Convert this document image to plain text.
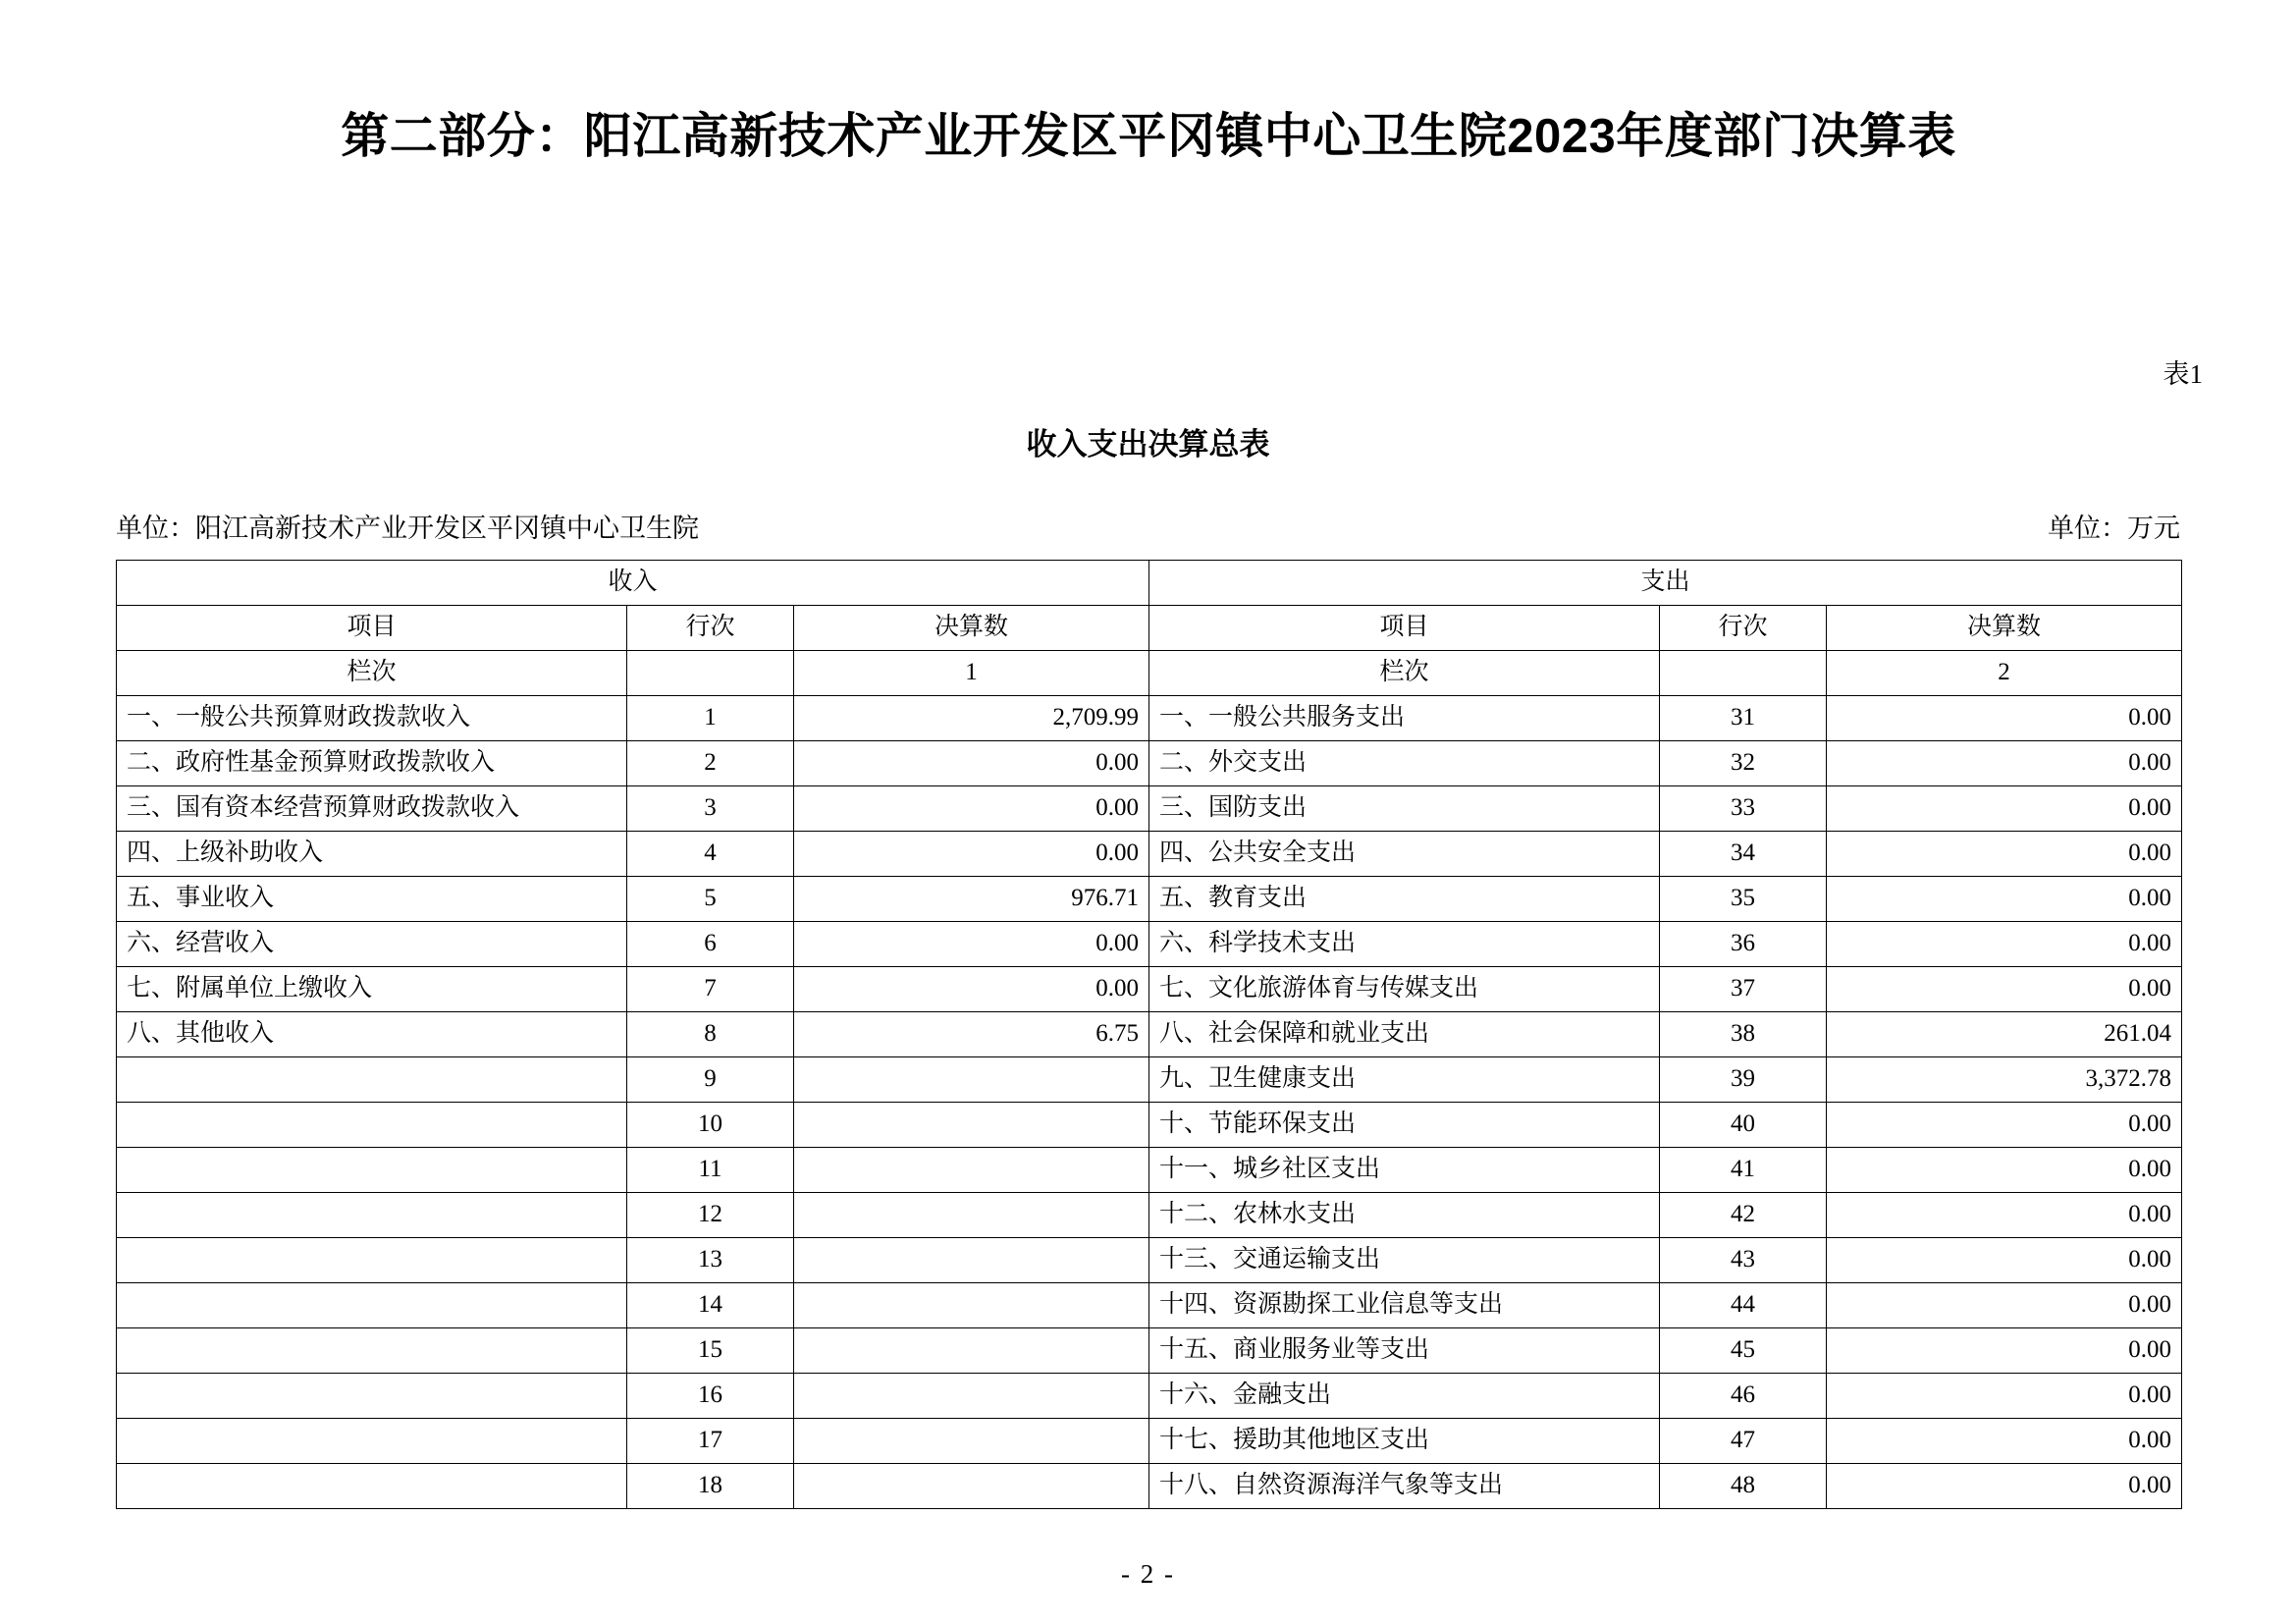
第二部分：阳江高新技术产业开发区平冈镇中心卫生院2023年度部门决算表
表1
收入支出决算总表
单位：阳江高新技术产业开发区平冈镇中心卫生院	单位：万元
收入			支出		
项目	行次	决算数	项目	行次	决算数
栏次		1	栏次		2
一、一般公共预算财政拨款收入	1	2,709.99	一、一般公共服务支出	31	0.00
二、政府性基金预算财政拨款收入	2	0.00	二、外交支出	32	0.00
三、国有资本经营预算财政拨款收入	3	0.00	三、国防支出	33	0.00
四、上级补助收入	4	0.00	四、公共安全支出	34	0.00
五、事业收入	5	976.71	五、教育支出	35	0.00
六、经营收入	6	0.00	六、科学技术支出	36	0.00
七、附属单位上缴收入	7	0.00	七、文化旅游体育与传媒支出	37	0.00
八、其他收入	8	6.75	八、社会保障和就业支出	38	261.04
	9		九、卫生健康支出	39	3,372.78
	10		十、节能环保支出	40	0.00
	11		十一、城乡社区支出	41	0.00
	12		十二、农林水支出	42	0.00
	13		十三、交通运输支出	43	0.00
	14		十四、资源勘探工业信息等支出	44	0.00
	15		十五、商业服务业等支出	45	0.00
	16		十六、金融支出	46	0.00
	17		十七、援助其他地区支出	47	0.00
	18		十八、自然资源海洋气象等支出	48	0.00
- 2 -
